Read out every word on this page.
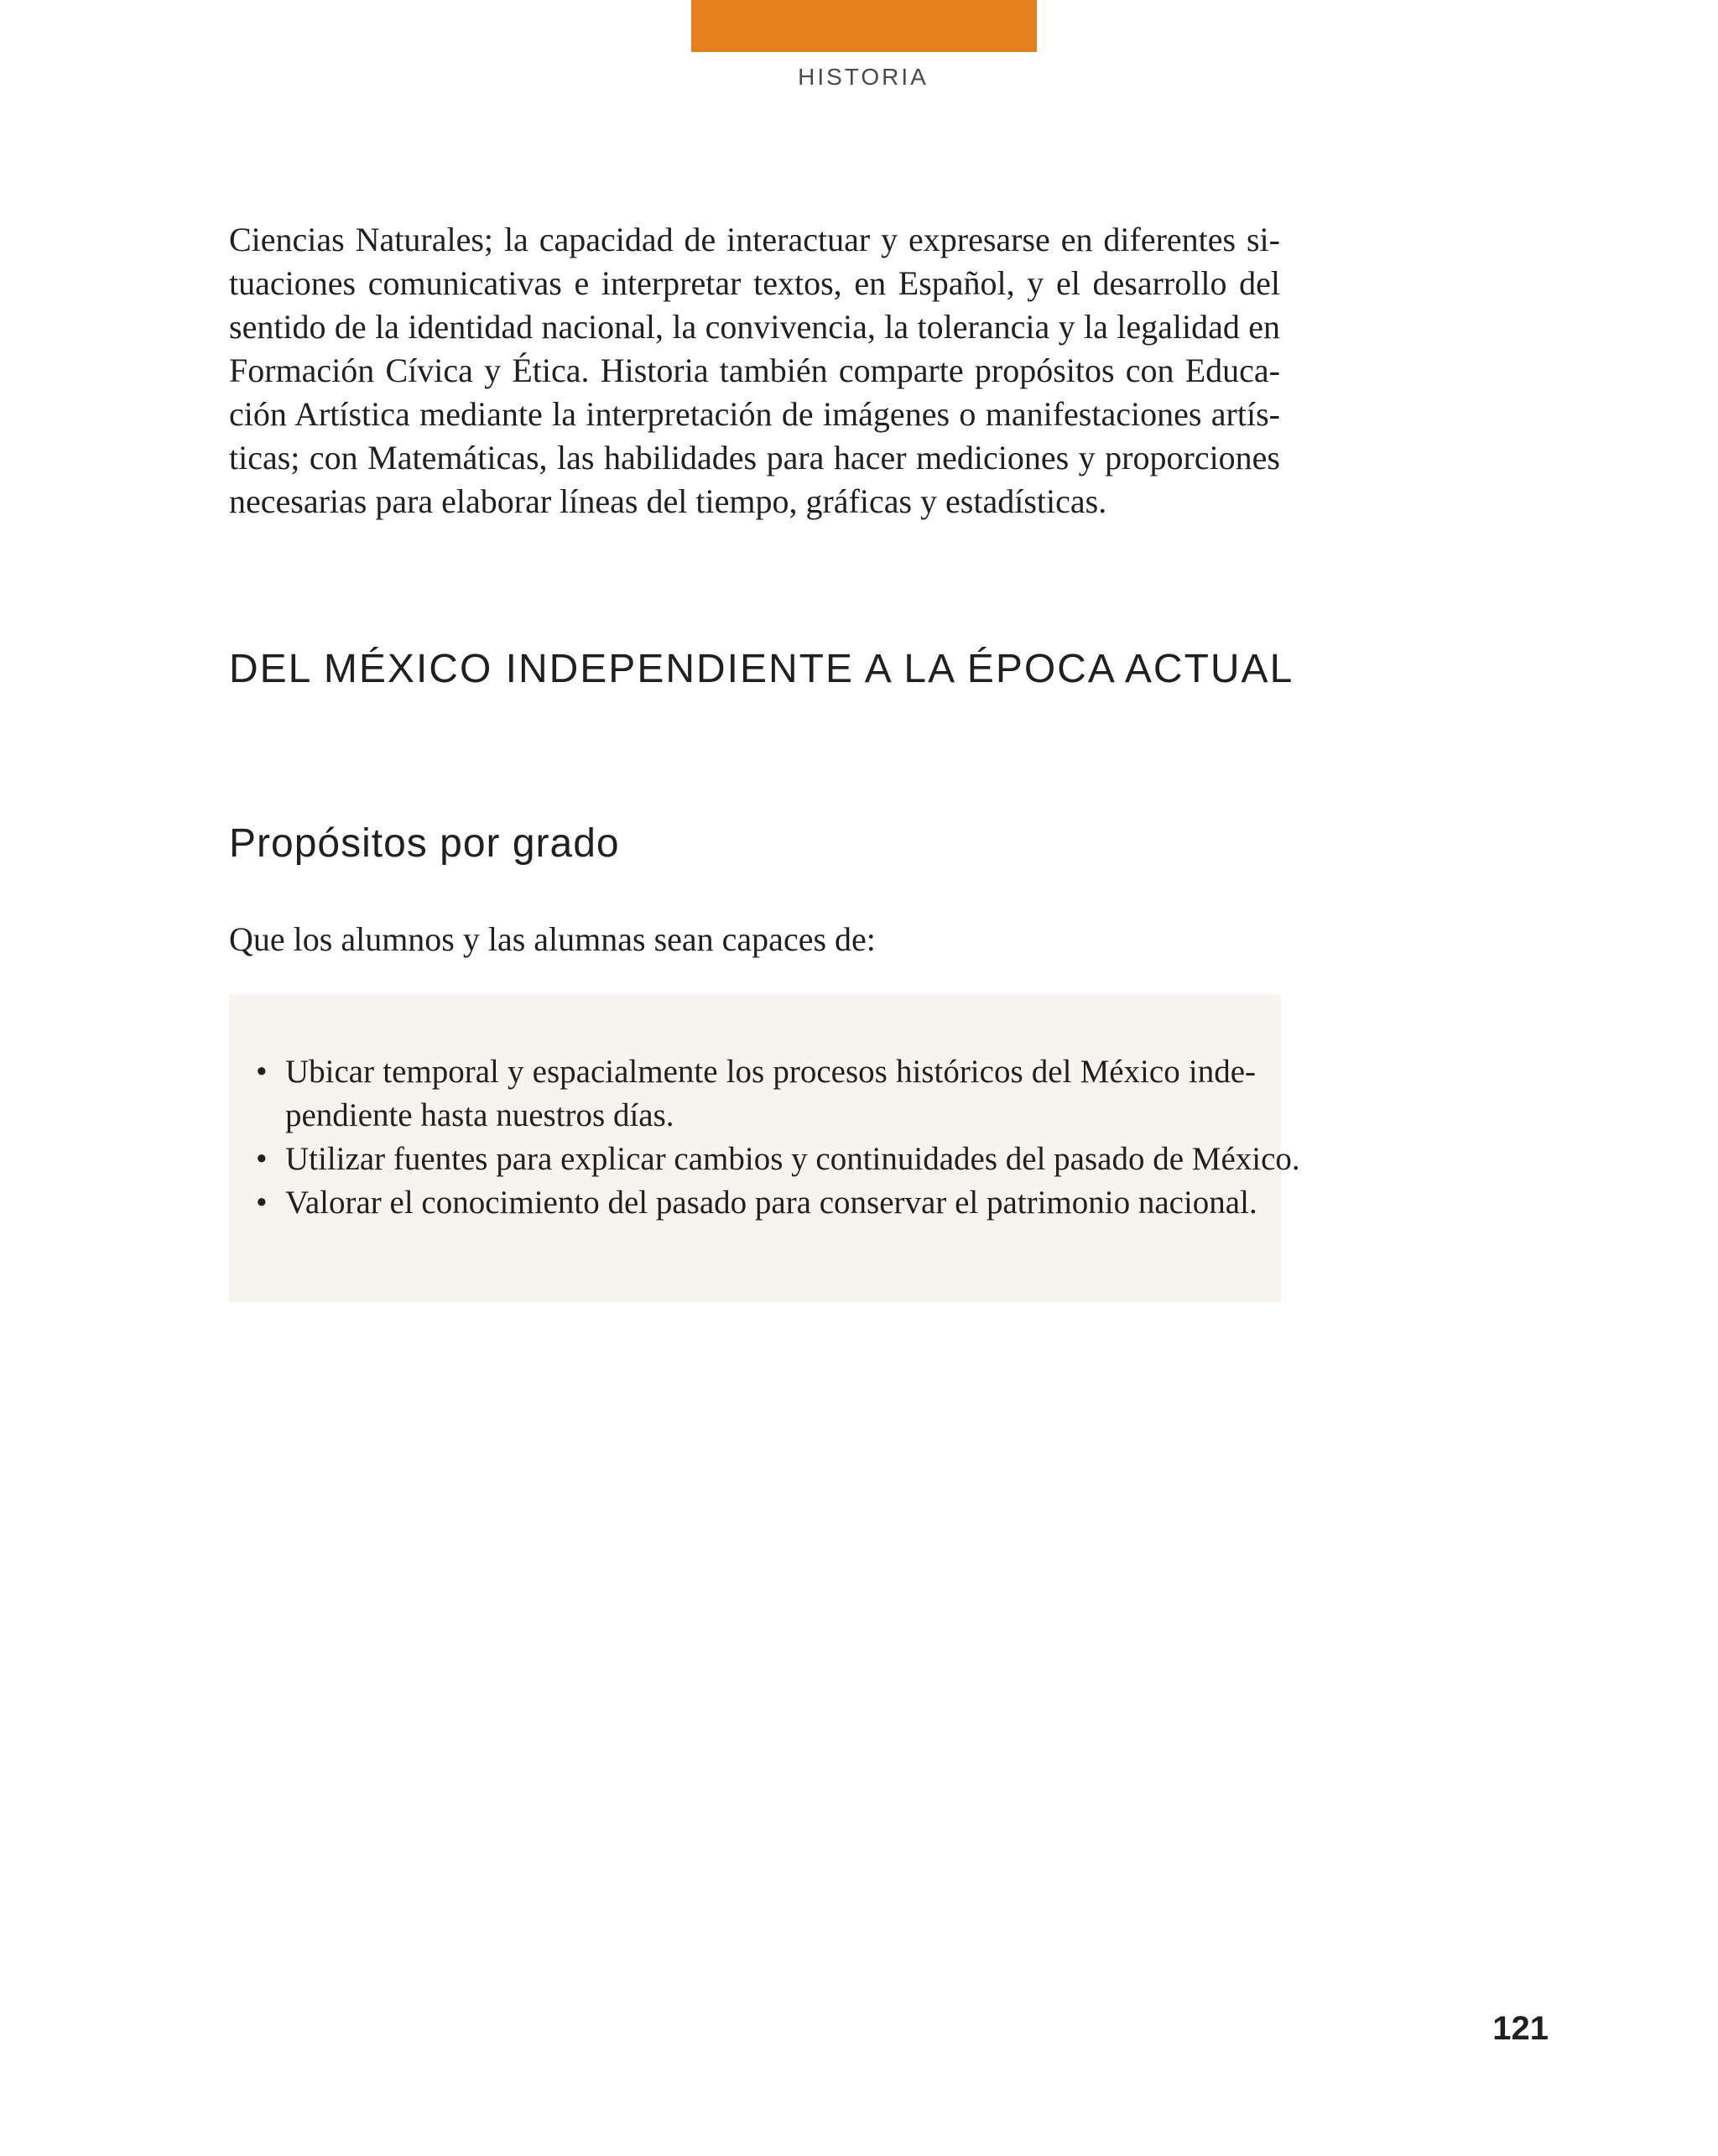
HISTORIA

Ciencias Naturales; la capacidad de interactuar y expresarse en diferentes si-
tuaciones comunicativas e interpretar textos, en Español, y el desarrollo del
sentido de la identidad nacional, la convivencia, la tolerancia y la legalidad en
Formación Cívica y Ética. Historia también comparte propósitos con Educa-
ción Artística mediante la interpretación de imágenes o manifestaciones artís-
ticas; con Matemáticas, las habilidades para hacer mediciones y proporciones
necesarias para elaborar líneas del tiempo, gráficas y estadísticas.

DEL MÉXICO INDEPENDIENTE A LA ÉPOCA ACTUAL
Propósitos por grado

Que los alumnos y las alumnas sean capaces de:

• Ubicar temporal y espacialmente los procesos históricos del México inde-
pendiente hasta nuestros días.
• Utilizar fuentes para explicar cambios y continuidades del pasado de México.
• Valorar el conocimiento del pasado para conservar el patrimonio nacional.
121
